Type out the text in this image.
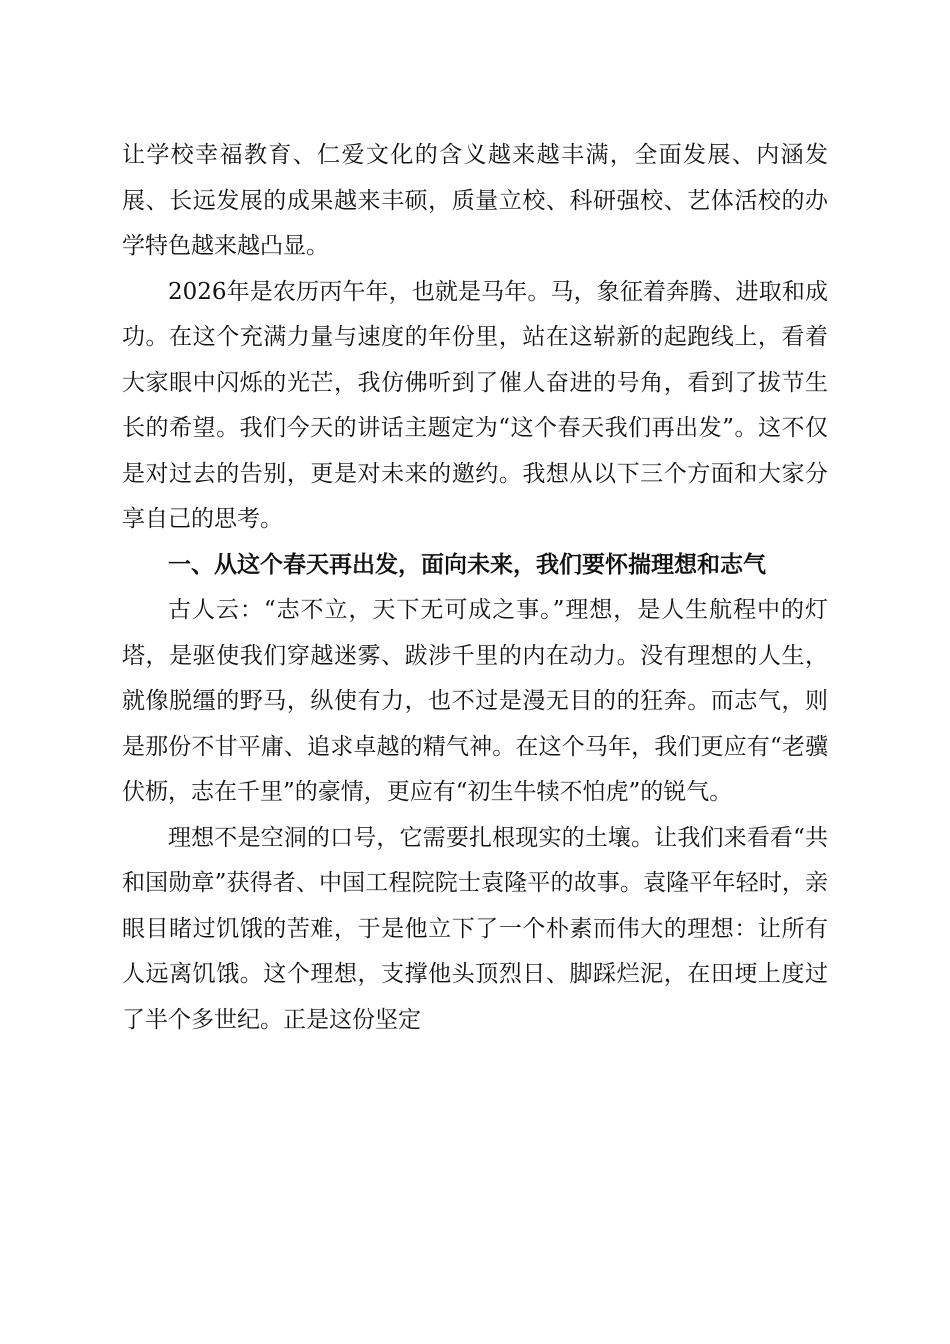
让学校幸福教育、仁爱文化的含义越来越丰满，全面发展、内涵发展、长远发展的成果越来丰硕，质量立校、科研强校、艺体活校的办学特色越来越凸显。

2026年是农历丙午年，也就是马年。马，象征着奔腾、进取和成功。在这个充满力量与速度的年份里，站在这崭新的起跑线上，看着大家眼中闪烁的光芒，我仿佛听到了催人奋进的号角，看到了拔节生长的希望。我们今天的讲话主题定为“这个春天我们再出发”。这不仅是对过去的告别，更是对未来的邀约。我想从以下三个方面和大家分享自己的思考。

一、从这个春天再出发，面向未来，我们要怀揣理想和志气

古人云：“志不立，天下无可成之事。”理想，是人生航程中的灯塔，是驱使我们穿越迷雾、跋涉千里的内在动力。没有理想的人生，就像脱缰的野马，纵使有力，也不过是漫无目的的狂奔。而志气，则是那份不甘平庸、追求卓越的精气神。在这个马年，我们更应有“老骥伏枥，志在千里”的豪情，更应有“初生牛犊不怕虎”的锐气。

理想不是空洞的口号，它需要扎根现实的土壤。让我们来看看“共和国勋章”获得者、中国工程院院士袁隆平的故事。袁隆平年轻时，亲眼目睹过饥饿的苦难，于是他立下了一个朴素而伟大的理想：让所有人远离饥饿。这个理想，支撑他头顶烈日、脚踩烂泥，在田埂上度过了半个多世纪。正是这份坚定
